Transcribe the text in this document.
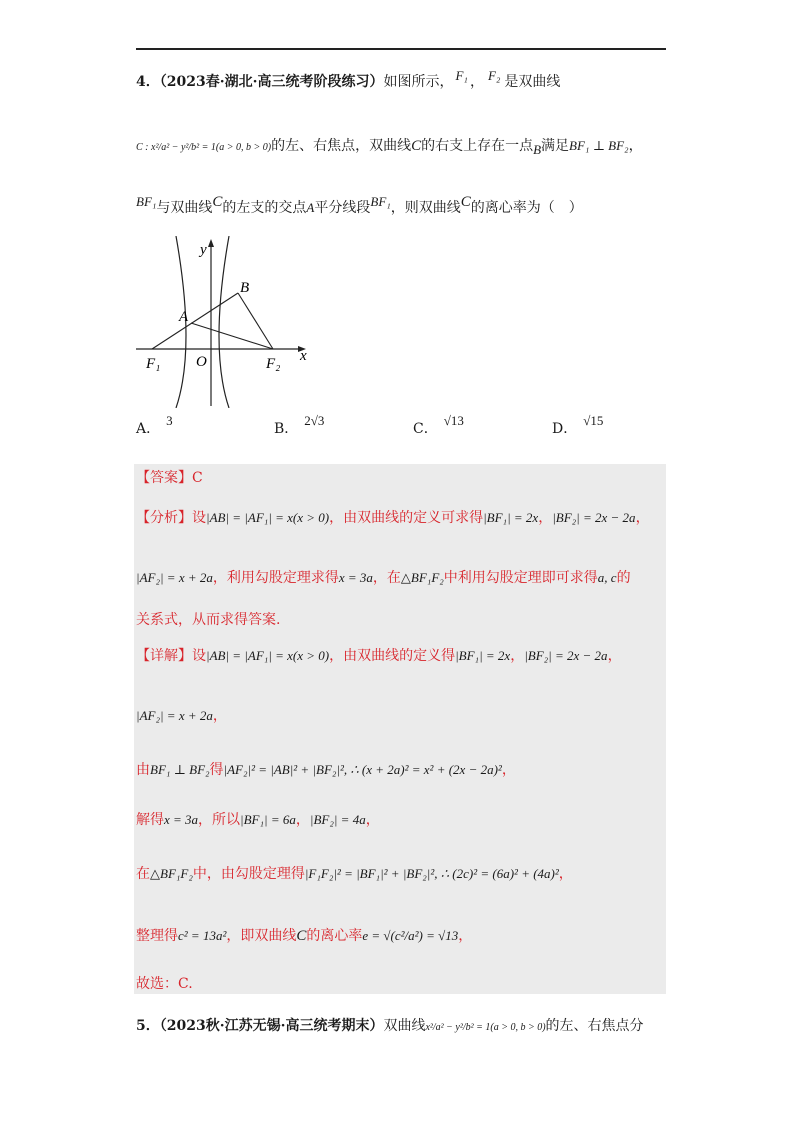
4．（2023春·湖北·高三统考阶段练习）如图所示， F₁ ， F₂ 是双曲线
C : x²/a² − y²/b² = 1(a > 0, b > 0)的左、右焦点，双曲线C的右支上存在一点B满足BF₁ ⊥ BF₂，
BF₁与双曲线C的左支的交点A平分线段BF₁，则双曲线C的离心率为（　）
y
x
B
A
F₁ O	F₂
A．3
B．2√3
C．√13
D．√15
【答案】C
【分析】设|AB| = |AF₁| = x(x > 0)，由双曲线的定义可求得|BF₁| = 2x，|BF₂| = 2x − 2a，
|AF₂| = x + 2a，利用勾股定理求得x = 3a，在△BF₁F₂中利用勾股定理即可求得a, c的
关系式，从而求得答案.
【详解】设|AB| = |AF₁| = x(x > 0)，由双曲线的定义得|BF₁| = 2x，|BF₂| = 2x − 2a，
|AF₂| = x + 2a，
由BF₁ ⊥ BF₂得|AF₂|² = |AB|² + |BF₂|², ∴ (x + 2a)² = x² + (2x − 2a)²，
解得x = 3a，所以|BF₁| = 6a，|BF₂| = 4a，
在△BF₁F₂中，由勾股定理得|F₁F₂|² = |BF₁|² + |BF₂|², ∴ (2c)² = (6a)² + (4a)²，
整理得c² = 13a²，即双曲线C的离心率e = √(c²/a²) = √13，
故选：C.
5．（2023秋·江苏无锡·高三统考期末）双曲线x²/a² − y²/b² = 1(a > 0, b > 0)的左、右焦点分
